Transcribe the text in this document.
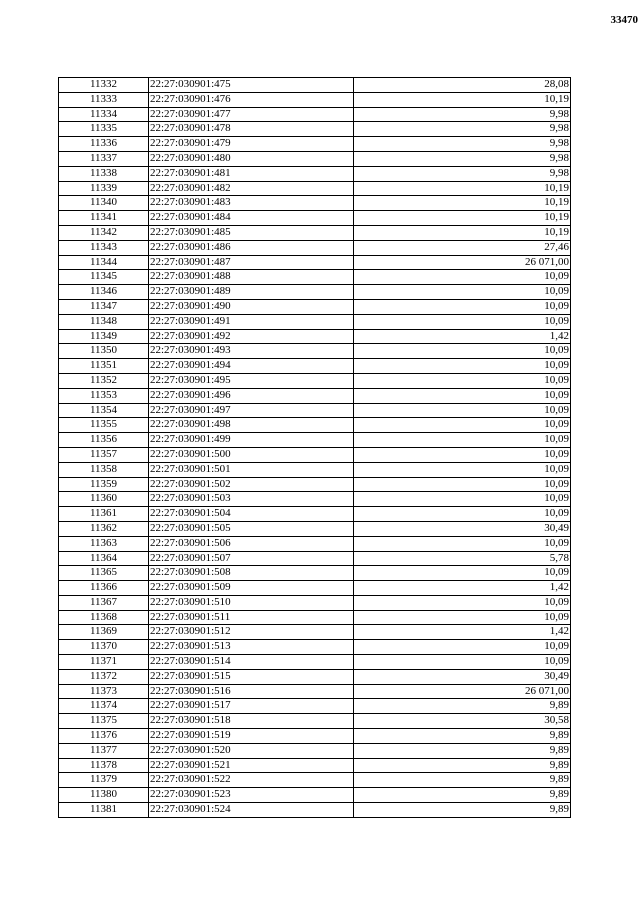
33470
11332	22:27:030901:475	28,08
11333	22:27:030901:476	10,19
11334	22:27:030901:477	9,98
11335	22:27:030901:478	9,98
11336	22:27:030901:479	9,98
11337	22:27:030901:480	9,98
11338	22:27:030901:481	9,98
11339	22:27:030901:482	10,19
11340	22:27:030901:483	10,19
11341	22:27:030901:484	10,19
11342	22:27:030901:485	10,19
11343	22:27:030901:486	27,46
11344	22:27:030901:487	26 071,00
11345	22:27:030901:488	10,09
11346	22:27:030901:489	10,09
11347	22:27:030901:490	10,09
11348	22:27:030901:491	10,09
11349	22:27:030901:492	1,42
11350	22:27:030901:493	10,09
11351	22:27:030901:494	10,09
11352	22:27:030901:495	10,09
11353	22:27:030901:496	10,09
11354	22:27:030901:497	10,09
11355	22:27:030901:498	10,09
11356	22:27:030901:499	10,09
11357	22:27:030901:500	10,09
11358	22:27:030901:501	10,09
11359	22:27:030901:502	10,09
11360	22:27:030901:503	10,09
11361	22:27:030901:504	10,09
11362	22:27:030901:505	30,49
11363	22:27:030901:506	10,09
11364	22:27:030901:507	5,78
11365	22:27:030901:508	10,09
11366	22:27:030901:509	1,42
11367	22:27:030901:510	10,09
11368	22:27:030901:511	10,09
11369	22:27:030901:512	1,42
11370	22:27:030901:513	10,09
11371	22:27:030901:514	10,09
11372	22:27:030901:515	30,49
11373	22:27:030901:516	26 071,00
11374	22:27:030901:517	9,89
11375	22:27:030901:518	30,58
11376	22:27:030901:519	9,89
11377	22:27:030901:520	9,89
11378	22:27:030901:521	9,89
11379	22:27:030901:522	9,89
11380	22:27:030901:523	9,89
11381	22:27:030901:524	9,89
